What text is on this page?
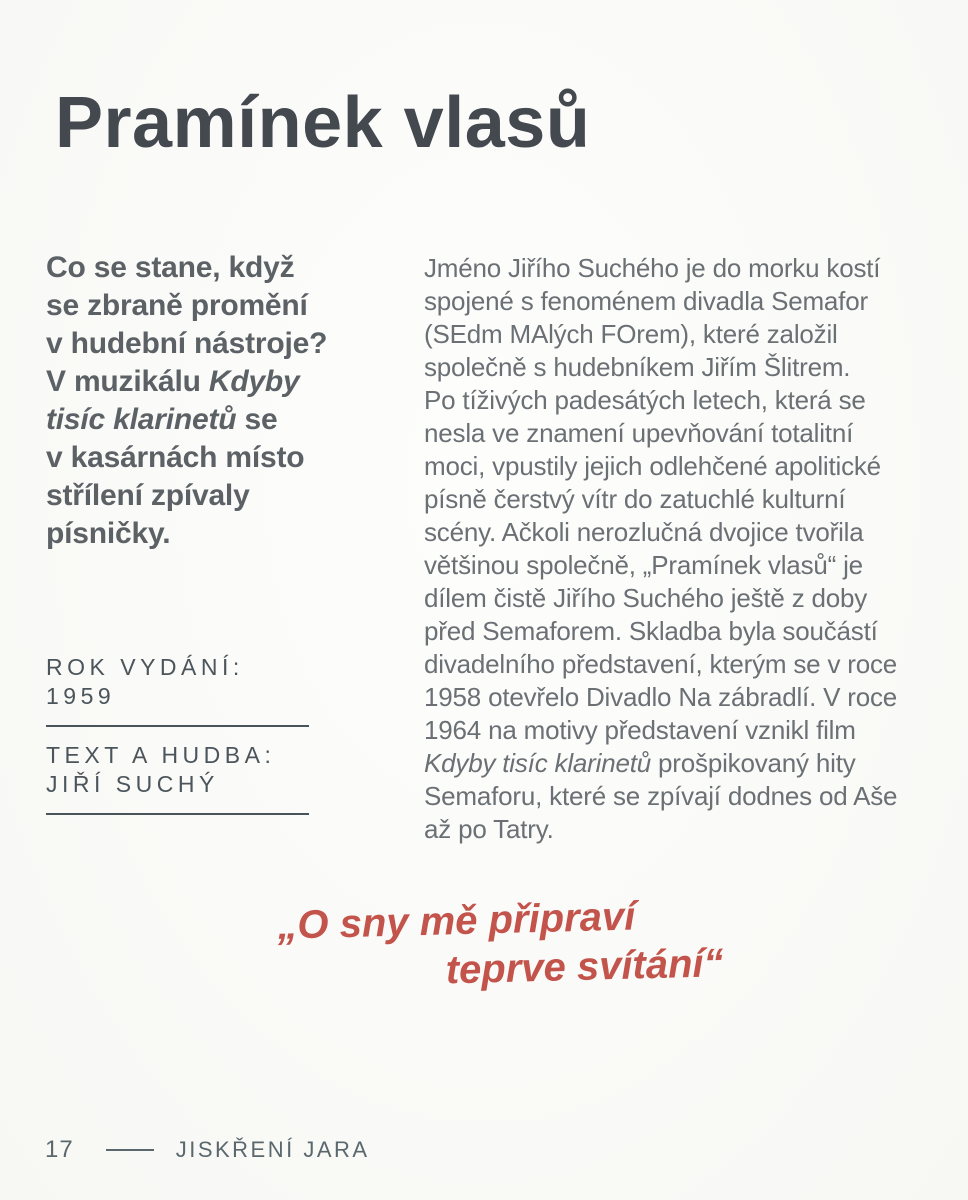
Pramínek vlasů

Co se stane, když
se zbraně promění
v hudební nástroje?
V muzikálu Kdyby
tisíc klarinetů se
v kasárnách místo
střílení zpívaly
písničky.

Jméno Jiřího Suchého je do morku kostí
spojené s fenoménem divadla Semafor
(SEdm MAlých FOrem), které založil
společně s hudebníkem Jiřím Šlitrem.
Po tíživých padesátých letech, která se
nesla ve znamení upevňování totalitní
moci, vpustily jejich odlehčené apolitické
písně čerstvý vítr do zatuchlé kulturní
scény. Ačkoli nerozlučná dvojice tvořila
většinou společně, „Pramínek vlasů“ je
dílem čistě Jiřího Suchého ještě z doby
před Semaforem. Skladba byla součástí
divadelního představení, kterým se v roce
1958 otevřelo Divadlo Na zábradlí. V roce
1964 na motivy představení vznikl film
Kdyby tisíc klarinetů prošpikovaný hity
Semaforu, které se zpívají dodnes od Aše
až po Tatry.

ROK VYDÁNÍ:
1959
TEXT A HUDBA:
JIŘÍ SUCHÝ
„O sny mě připraví
teprve svítání“
17	JISKŘENÍ JARA
